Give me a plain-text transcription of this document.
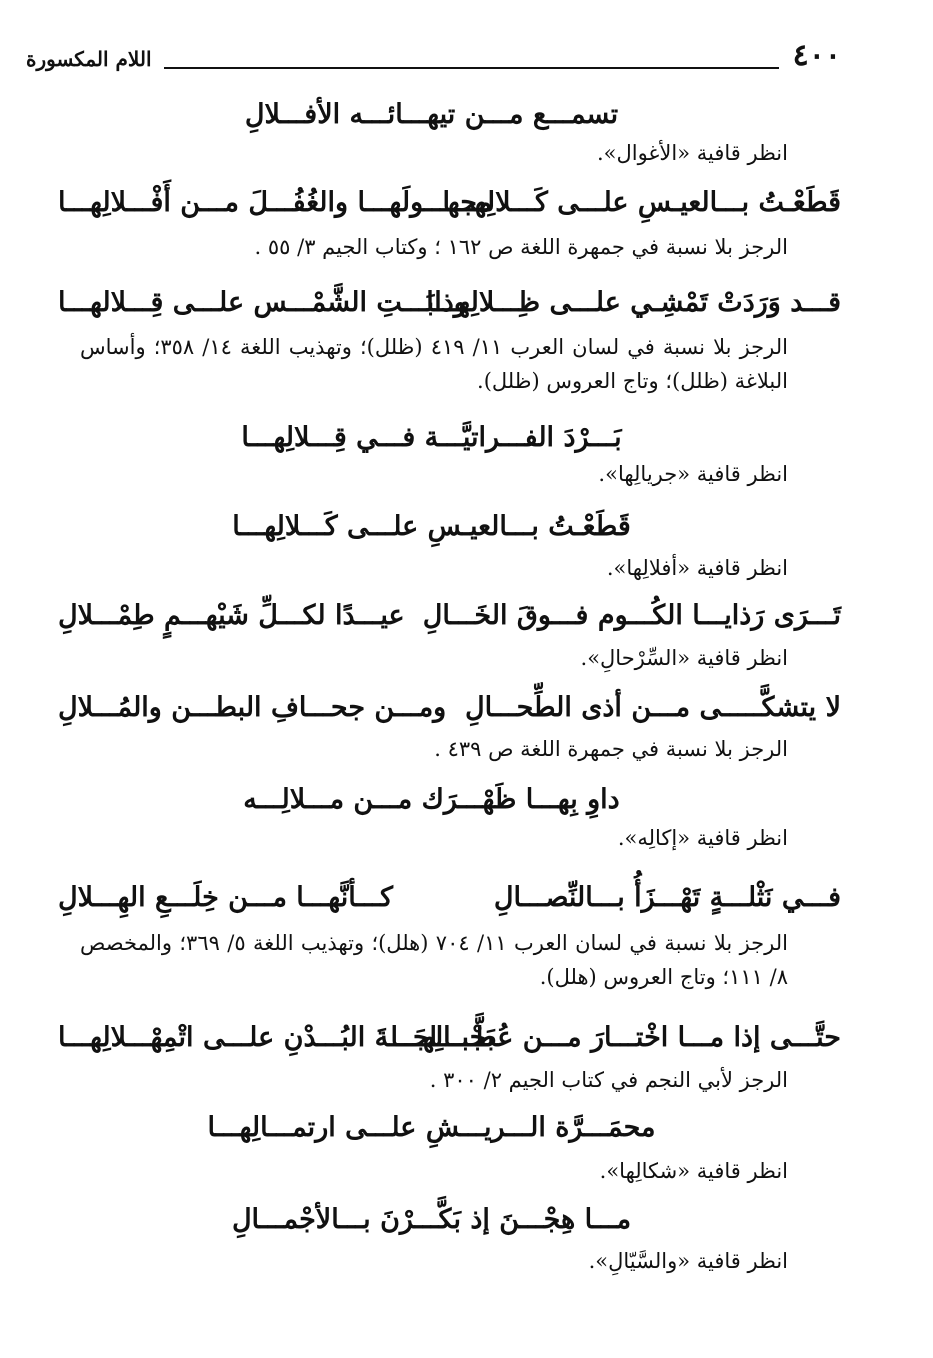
٤٠٠
اللام المكسورة
تسمـــع مـــن تيهـــائـــه الأفـــلالِ
انظر قافية «الأغوال».
قَطَعْـتُ بـــالعيـسِ علـــى كَـــلالِهـــا
مجهـــولَهـــا والغُفُـــلَ مـــن أَفْـــلالِهـــا
الرجز بلا نسبة في جمهرة اللغة ص ١٦٢ ؛ وكتاب الجيم ٣/ ٥٥ .
قـــد وَرَدَتْ تَمْشِـي علـــى ظِـــلالِهـــا
وذابَـــتِ الشَّمْـــس علـــى قِـــلالهـــا
الرجز بلا نسبة في لسان العرب ١١/ ٤١٩ (ظلل)؛ وتهذيب اللغة ١٤/ ٣٥٨؛ وأساس البلاغة (ظلل)؛ وتاج العروس (ظلل).
بَـــرْدَ الفـــراتيَّـــة فـــي قِـــلالِهـــا
انظر قافية «جريالِها».
قَطَعْـتُ بـــالعيـسِ علـــى كَـــلالِهـــا
انظر قافية «أفلالِها».
تَـــرَى رَذايـــا الكُـــوم فـــوقَ الخَـــالِ
عيـــدًا لكـــلِّ شَيْهـــمٍ طِمْـــلالِ
انظر قافية «السِّرْحالِ».
لا يتشكَّـــــى مـــن أذى الطِّحـــالِ
ومـــن جحـــافِ البطـــن والمُـــلالِ
الرجز بلا نسبة في جمهرة اللغة ص ٤٣٩ .
داوِ بِهـــا ظَهْـــرَك مـــن مـــلالِـــه
انظر قافية «إكالِه».
فـــي نَثْلـــةٍ تَهْـــزَأُ بـــالنِّصـــالِ
كـــأنَّهـــا مـــن خِلَـــعِ الهِـــلالِ
الرجز بلا نسبة في لسان العرب ١١/ ٧٠٤ (هلل)؛ وتهذيب اللغة ٥/ ٣٦٩؛ والمخصص ٨/ ١١١؛ وتاج العروس (هلل).
حتَّـــى إذا مـــا اخْتـــارَ مـــن عُطَّـــالِهـــا
بَجْبـــاجَـــةَ البُـــدْنِ علـــى اتْمِهْـــلالِهـــا
الرجز لأبي النجم في كتاب الجيم ٢/ ٣٠٠ .
محمَـــرَّة الـــريـــشِ علـــى ارتمـــالِهـــا
انظر قافية «شكالِها».
مـــا هِجْـــنَ إذ بَكَّـــرْنَ بـــالأجْمـــالِ
انظر قافية «والسَّيّالِ».
